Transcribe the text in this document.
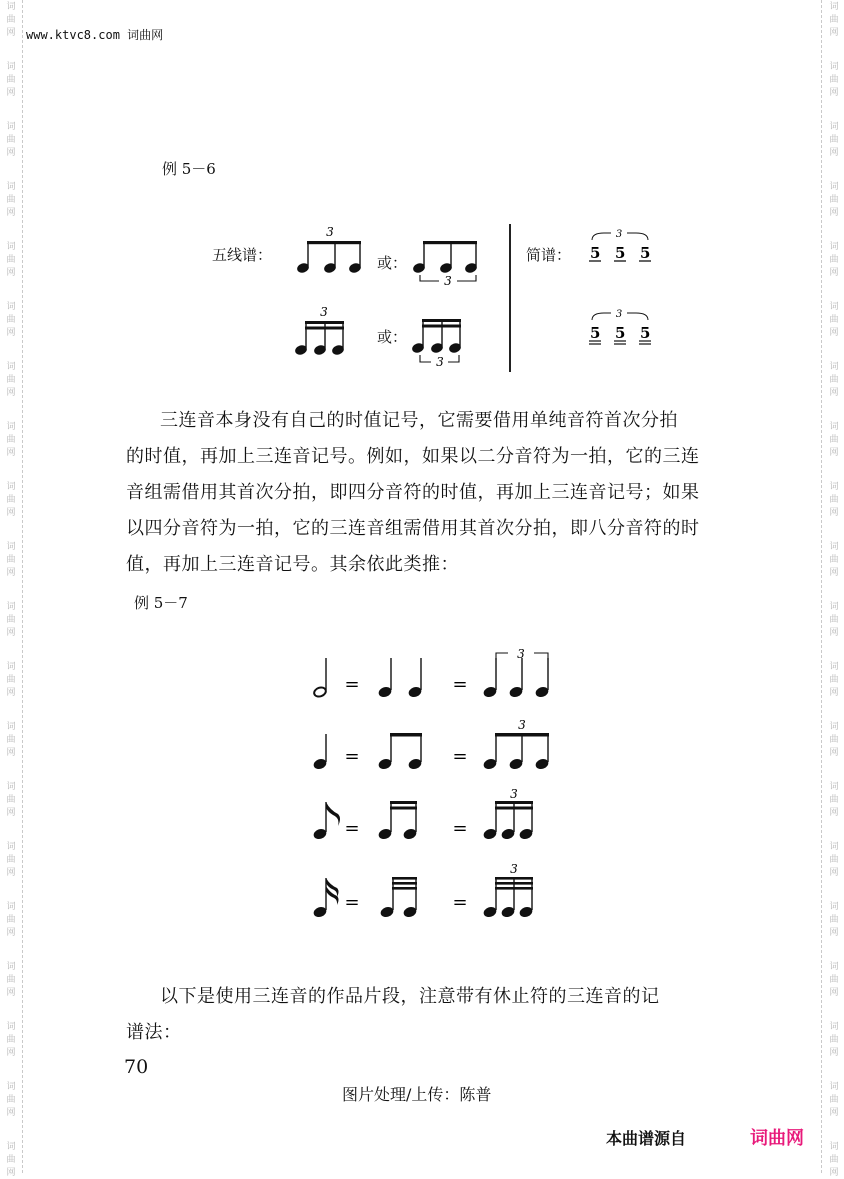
词
曲
网
词
曲
网
词
曲
网
词
曲
网
词
曲
网
词
曲
网
词
曲
网
词
曲
网
词
曲
网
词
曲
网
词
曲
网
词
曲
网
词
曲
网
词
曲
网
词
曲
网
词
曲
网
词
曲
网
词
曲
网
词
曲
网
词
曲
网
词
曲
网
词
曲
网
词
曲
网
词
曲
网
词
曲
网
词
曲
网
词
曲
网
词
曲
网
词
曲
网
词
曲
网
词
曲
网
词
曲
网
词
曲
网
词
曲
网
词
曲
网
词
曲
网
词
曲
网
词
曲
网
词
曲
网
词
曲
网
www.ktvc8.com 词曲网
例 5－6
五线谱：	或：
或：
简谱：
3
3
3
3
3
5 5 5
3
5 5 5
三连音本身没有自己的时值记号，它需要借用单纯音符首次分拍
的时值，再加上三连音记号。例如，如果以二分音符为一拍，它的三连
音组需借用其首次分拍，即四分音符的时值，再加上三连音记号；如果
以四分音符为一拍，它的三连音组需借用其首次分拍，即八分音符的时
值，再加上三连音记号。其余依此类推：
例 5－7
=	=
3
=	=
3
=	=
3
=	=
3
以下是使用三连音的作品片段，注意带有休止符的三连音的记
谱法：
70
图片处理/上传：陈普
本曲谱源自	词曲网
